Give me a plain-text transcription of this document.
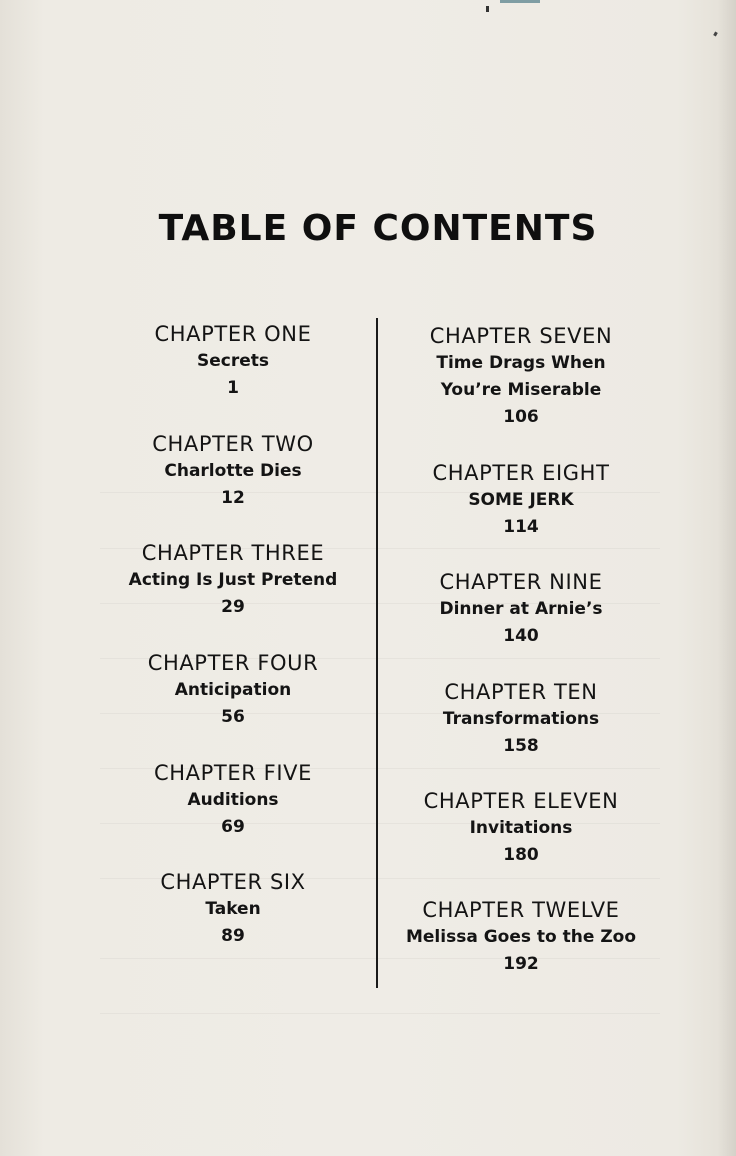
TABLE OF CONTENTS
CHAPTER ONE
Secrets
1
CHAPTER TWO
Charlotte Dies
12
CHAPTER THREE
Acting Is Just Pretend
29
CHAPTER FOUR
Anticipation
56
CHAPTER FIVE
Auditions
69
CHAPTER SIX
Taken
89
CHAPTER SEVEN
Time Drags When
You’re Miserable
106
CHAPTER EIGHT
SOME JERK
114
CHAPTER NINE
Dinner at Arnie’s
140
CHAPTER TEN
Transformations
158
CHAPTER ELEVEN
Invitations
180
CHAPTER TWELVE
Melissa Goes to the Zoo
192
